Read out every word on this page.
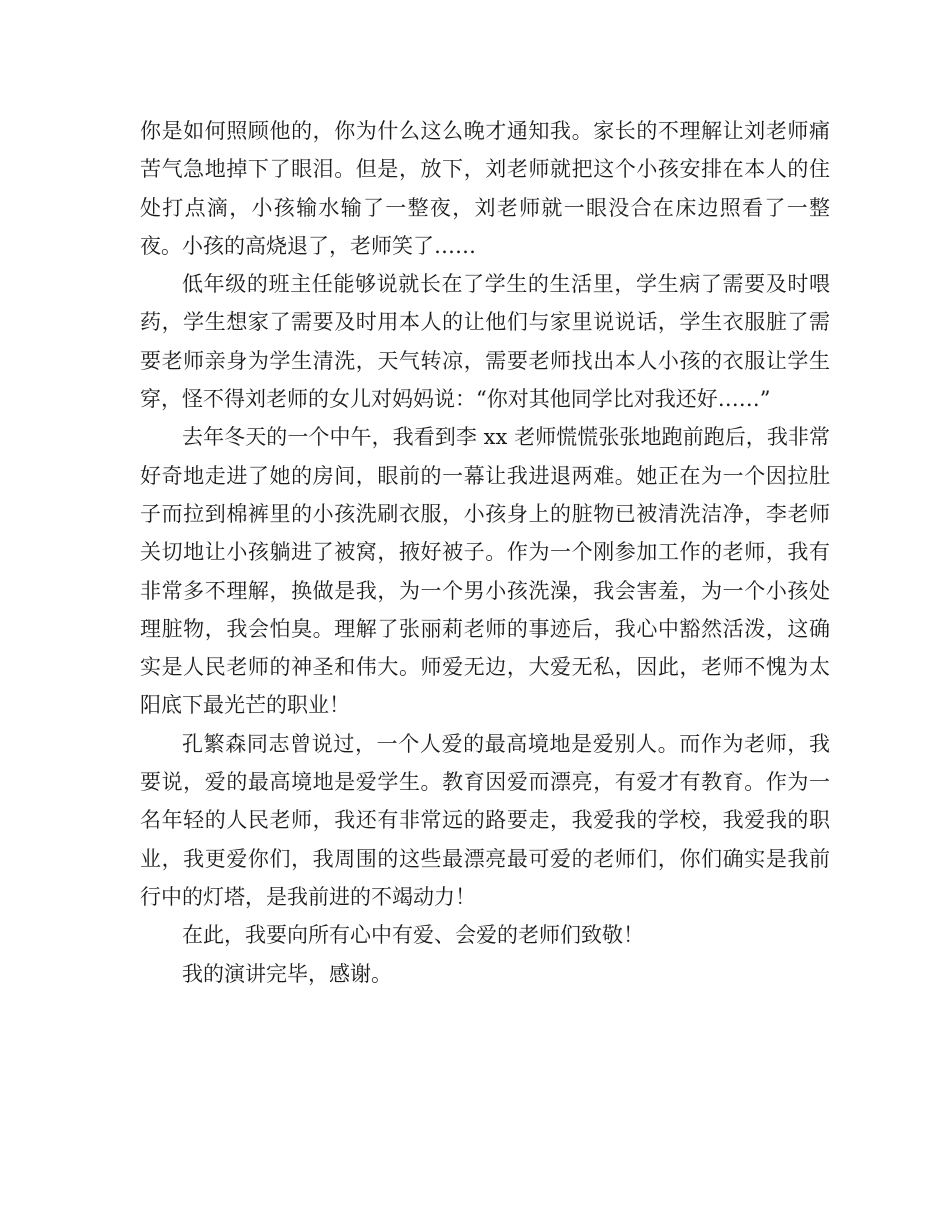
你是如何照顾他的，你为什么这么晚才通知我。家长的不理解让刘老师痛苦气急地掉下了眼泪。但是，放下，刘老师就把这个小孩安排在本人的住处打点滴，小孩输水输了一整夜，刘老师就一眼没合在床边照看了一整夜。小孩的高烧退了，老师笑了……

低年级的班主任能够说就长在了学生的生活里，学生病了需要及时喂药，学生想家了需要及时用本人的让他们与家里说说话，学生衣服脏了需要老师亲身为学生清洗，天气转凉，需要老师找出本人小孩的衣服让学生穿，怪不得刘老师的女儿对妈妈说：“你对其他同学比对我还好……”

去年冬天的一个中午，我看到李 xx 老师慌慌张张地跑前跑后，我非常好奇地走进了她的房间，眼前的一幕让我进退两难。她正在为一个因拉肚子而拉到棉裤里的小孩洗刷衣服，小孩身上的脏物已被清洗洁净，李老师关切地让小孩躺进了被窝，掖好被子。作为一个刚参加工作的老师，我有非常多不理解，换做是我，为一个男小孩洗澡，我会害羞，为一个小孩处理脏物，我会怕臭。理解了张丽莉老师的事迹后，我心中豁然活泼，这确实是人民老师的神圣和伟大。师爱无边，大爱无私，因此，老师不愧为太阳底下最光芒的职业！

孔繁森同志曾说过，一个人爱的最高境地是爱别人。而作为老师，我要说，爱的最高境地是爱学生。教育因爱而漂亮，有爱才有教育。作为一名年轻的人民老师，我还有非常远的路要走，我爱我的学校，我爱我的职业，我更爱你们，我周围的这些最漂亮最可爱的老师们，你们确实是我前行中的灯塔，是我前进的不竭动力！

在此，我要向所有心中有爱、会爱的老师们致敬！

我的演讲完毕，感谢。
